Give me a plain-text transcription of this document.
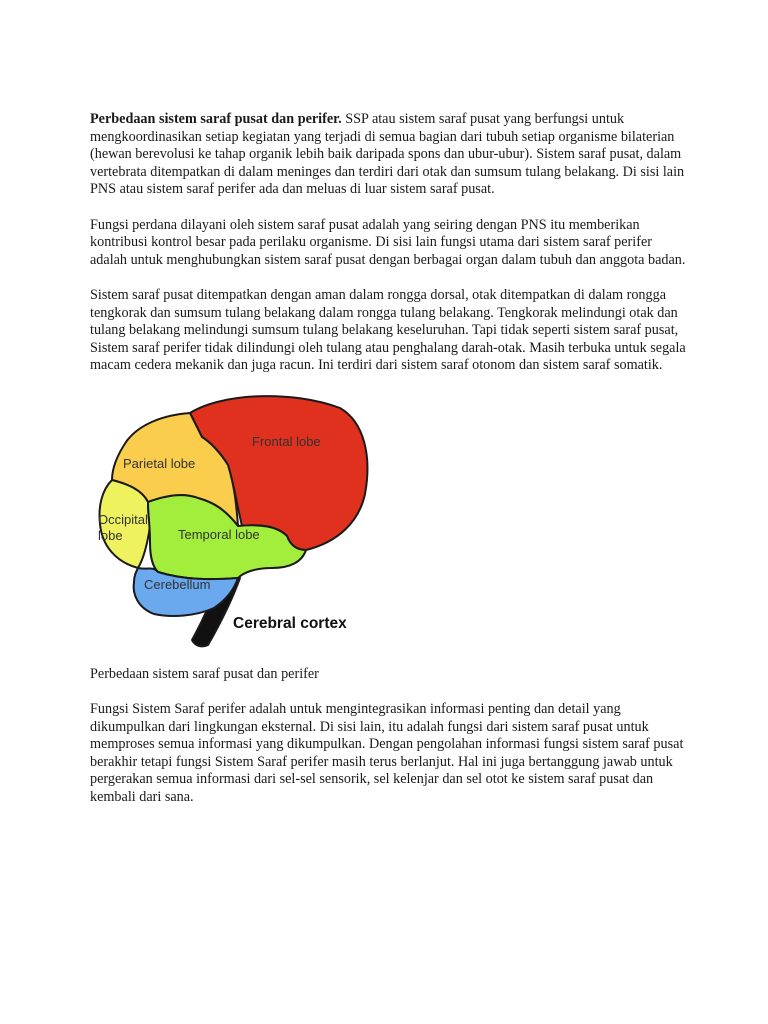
Perbedaan sistem saraf pusat dan perifer. SSP atau sistem saraf pusat yang berfungsi untuk mengkoordinasikan setiap kegiatan yang terjadi di semua bagian dari tubuh setiap organisme bilaterian (hewan berevolusi ke tahap organik lebih baik daripada spons dan ubur-ubur). Sistem saraf pusat, dalam vertebrata ditempatkan di dalam meninges dan terdiri dari otak dan sumsum tulang belakang. Di sisi lain PNS atau sistem saraf perifer ada dan meluas di luar sistem saraf pusat.

Fungsi perdana dilayani oleh sistem saraf pusat adalah yang seiring dengan PNS itu memberikan kontribusi kontrol besar pada perilaku organisme. Di sisi lain fungsi utama dari sistem saraf perifer adalah untuk menghubungkan sistem saraf pusat dengan berbagai organ dalam tubuh dan anggota badan.

Sistem saraf pusat ditempatkan dengan aman dalam rongga dorsal, otak ditempatkan di dalam rongga tengkorak dan sumsum tulang belakang dalam rongga tulang belakang. Tengkorak melindungi otak dan tulang belakang melindungi sumsum tulang belakang keseluruhan. Tapi tidak seperti sistem saraf pusat, Sistem saraf perifer tidak dilindungi oleh tulang atau penghalang darah-otak. Masih terbuka untuk segala macam cedera mekanik dan juga racun. Ini terdiri dari sistem saraf otonom dan sistem saraf somatik.

Frontal lobe
Parietal lobe
Occipital
lobe	Temporal lobe
Cerebellum
Cerebral cortex

Perbedaan sistem saraf pusat dan perifer

Fungsi Sistem Saraf perifer adalah untuk mengintegrasikan informasi penting dan detail yang dikumpulkan dari lingkungan eksternal. Di sisi lain, itu adalah fungsi dari sistem saraf pusat untuk memproses semua informasi yang dikumpulkan. Dengan pengolahan informasi fungsi sistem saraf pusat berakhir tetapi fungsi Sistem Saraf perifer masih terus berlanjut. Hal ini juga bertanggung jawab untuk pergerakan semua informasi dari sel-sel sensorik, sel kelenjar dan sel otot ke sistem saraf pusat dan kembali dari sana.
